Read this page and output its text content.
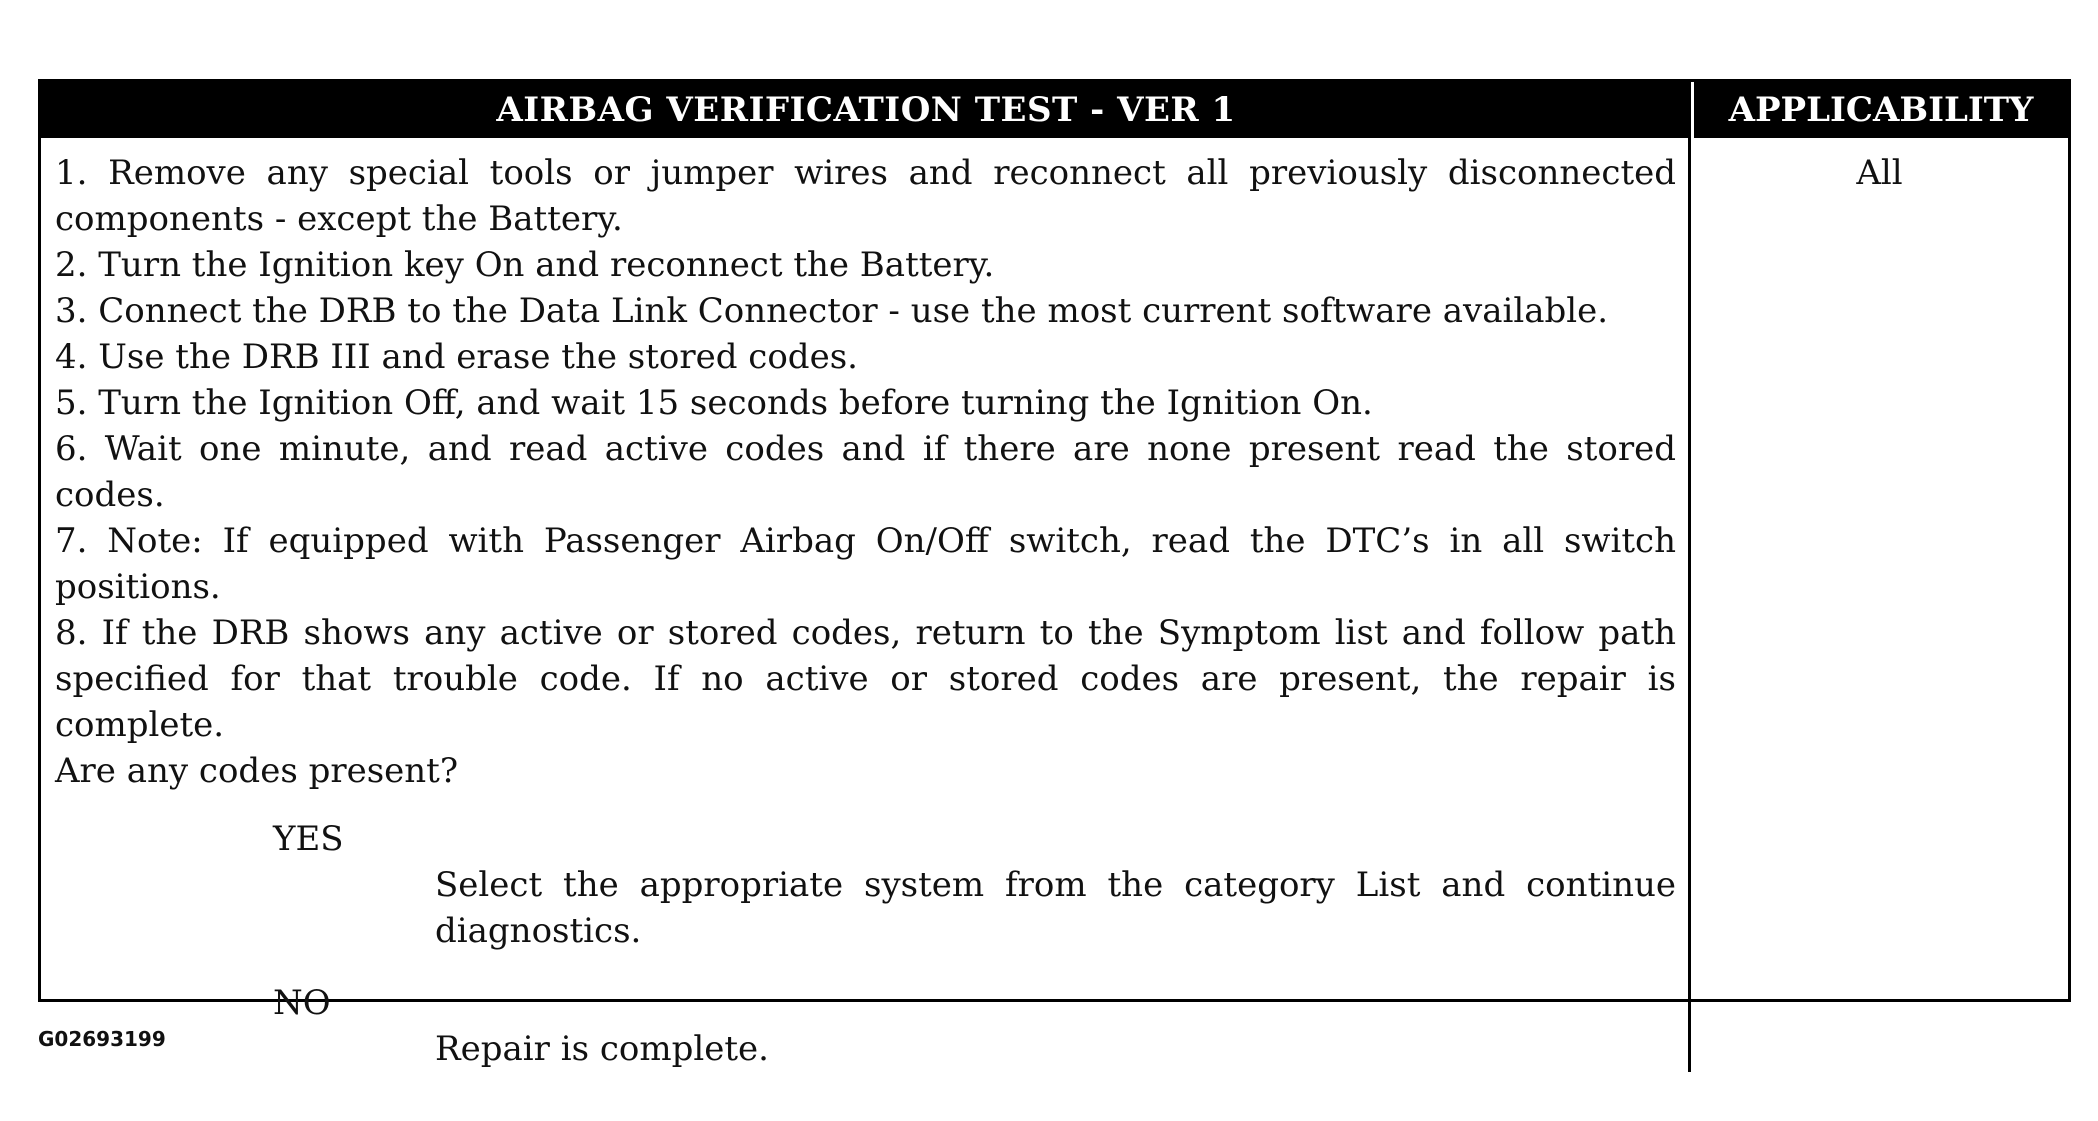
AIRBAG VERIFICATION TEST - VER 1	APPLICABILITY
1. Remove any special tools or jumper wires and reconnect all previously disconnected components - except the Battery.
2. Turn the Ignition key On and reconnect the Battery.
3. Connect the DRB to the Data Link Connector - use the most current software available.
4. Use the DRB III and erase the stored codes.
5. Turn the Ignition Off, and wait 15 seconds before turning the Ignition On.
6. Wait one minute, and read active codes and if there are none present read the stored codes.
7. Note: If equipped with Passenger Airbag On/Off switch, read the DTC’s in all switch positions.
8. If the DRB shows any active or stored codes, return to the Symptom list and follow path specified for that trouble code. If no active or stored codes are present, the repair is complete.
Are any codes present?
YES
Select the appropriate system from the category List and continue diagnostics.
NO
Repair is complete.
All
G02693199
